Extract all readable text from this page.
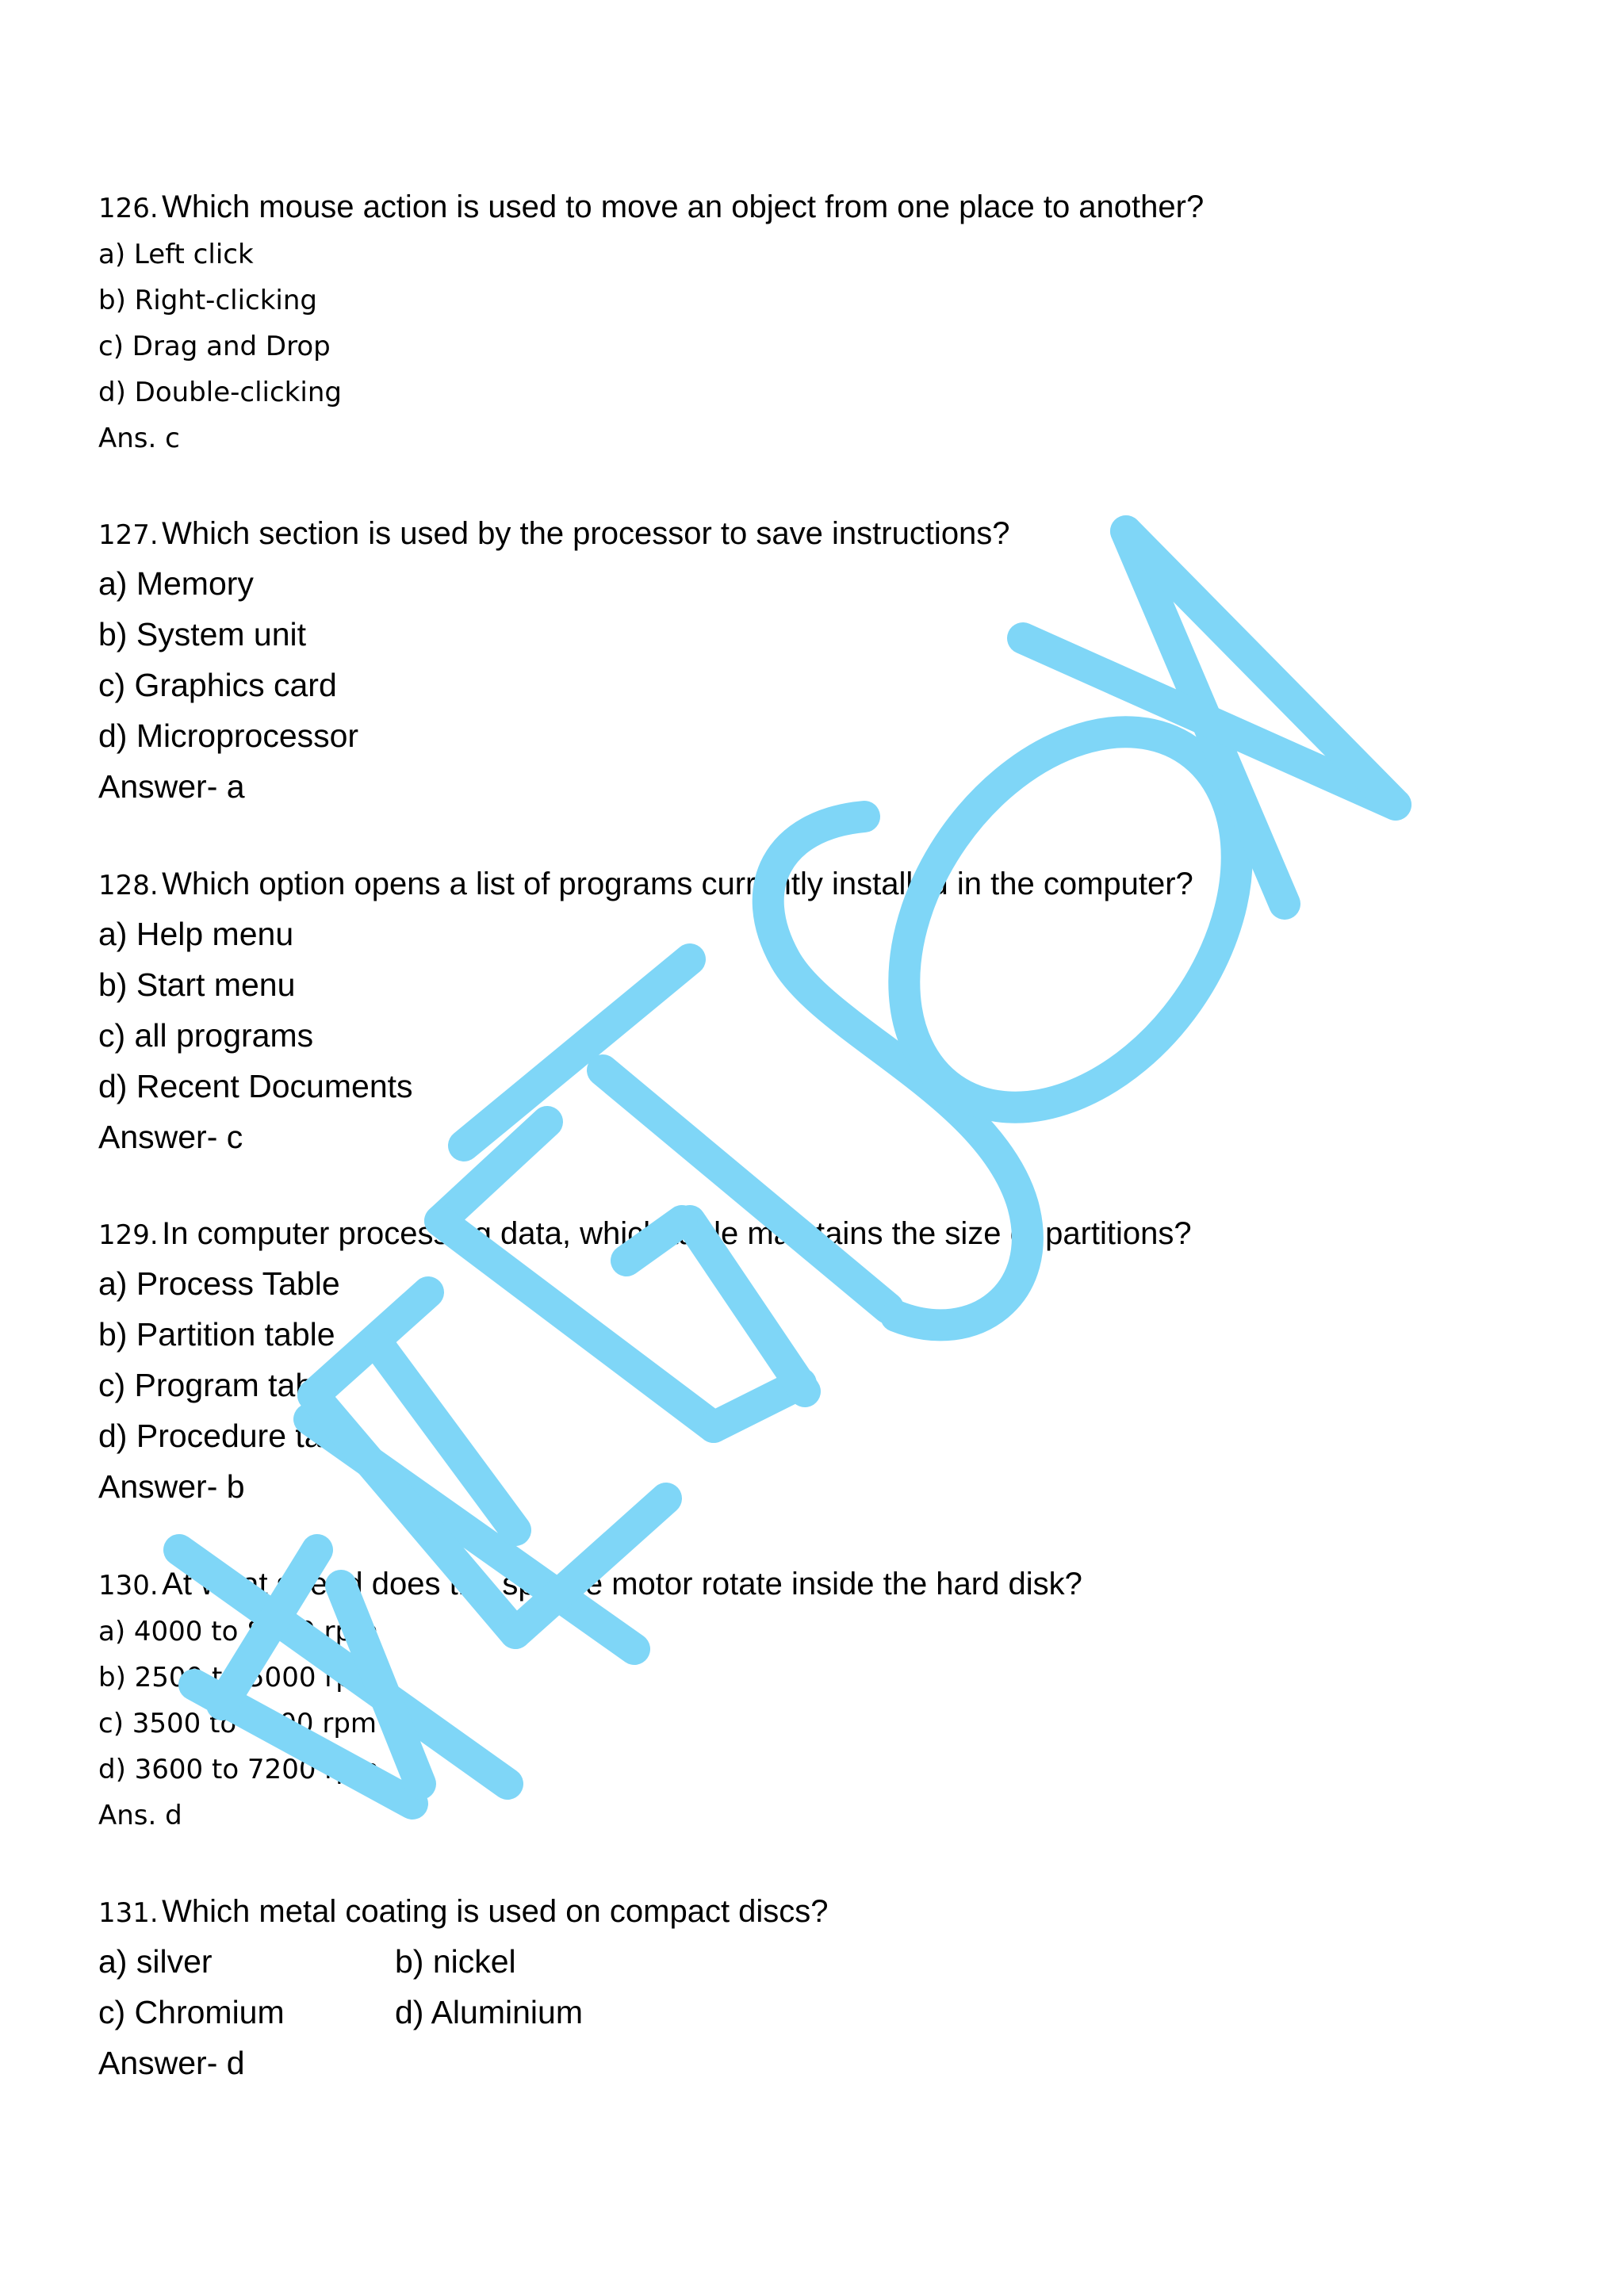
126. Which mouse action is used to move an object from one place to another?
a) Left click
b) Right-clicking
c) Drag and Drop
d) Double-clicking
Ans. c
127. Which section is used by the processor to save instructions?
a) Memory
b) System unit
c) Graphics card
d) Microprocessor
Answer- a
128. Which option opens a list of programs currently installed in the computer?
a) Help menu
b) Start menu
c) all programs
d) Recent Documents
Answer- c
129. In computer processing data, which table maintains the size of partitions?
a) Process Table
b) Partition table
c) Program table
d) Procedure table
Answer- b
130. At what speed does the spindle motor rotate inside the hard disk?
a) 4000 to 8000 rpm
b) 2500 to 5000 rpm
c) 3500 to 6000 rpm
d) 3600 to 7200 rpm
Ans. d
131. Which metal coating is used on compact discs?
a) silver	b) nickel
c) Chromium	d) Aluminium
Answer- d
